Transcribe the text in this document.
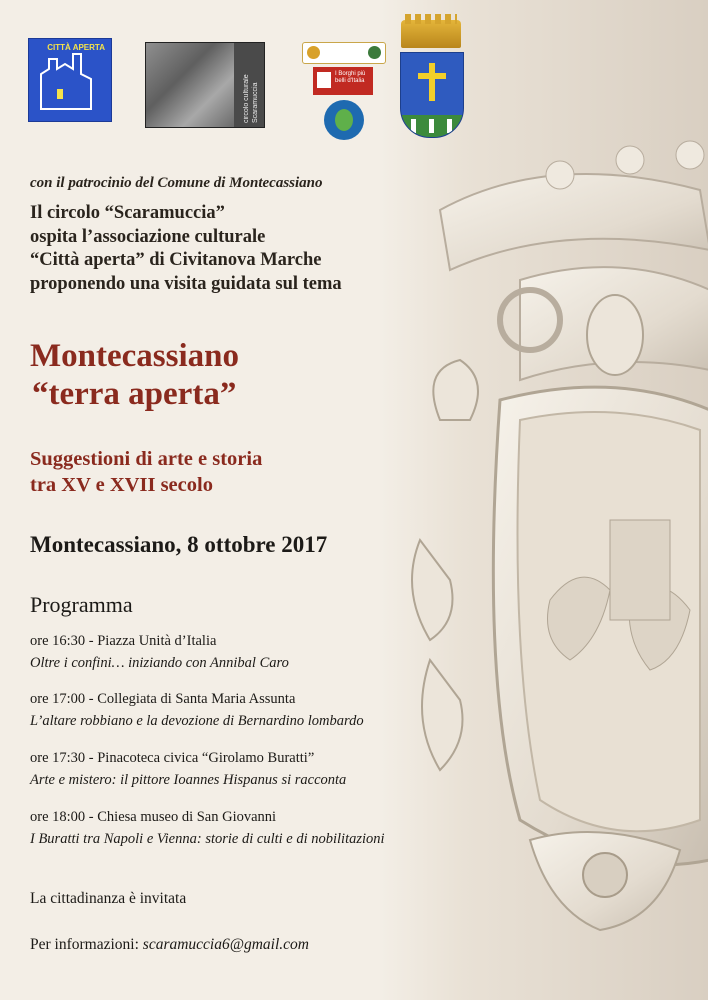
CITTÀ APERTA
circolo culturale Scaramuccia
I Borghi più belli d'Italia
con il patrocinio del Comune di Montecassiano
Il circolo “Scaramuccia”
ospita l’associazione culturale
“Città aperta” di Civitanova Marche
proponendo una visita guidata sul tema
Montecassiano
“terra aperta”
Suggestioni di arte e storia
tra XV e XVII secolo
Montecassiano, 8 ottobre 2017
Programma
ore 16:30 - Piazza Unità d’Italia
Oltre i confini… iniziando con Annibal Caro
ore 17:00 - Collegiata di Santa Maria Assunta
L’altare robbiano e la devozione di Bernardino lombardo
ore 17:30 - Pinacoteca civica “Girolamo Buratti”
Arte e mistero: il pittore Ioannes Hispanus si racconta
ore 18:00 - Chiesa museo di San Giovanni
I Buratti tra Napoli e Vienna: storie di culti e di nobilitazioni
La cittadinanza è invitata
Per informazioni: scaramuccia6@gmail.com
